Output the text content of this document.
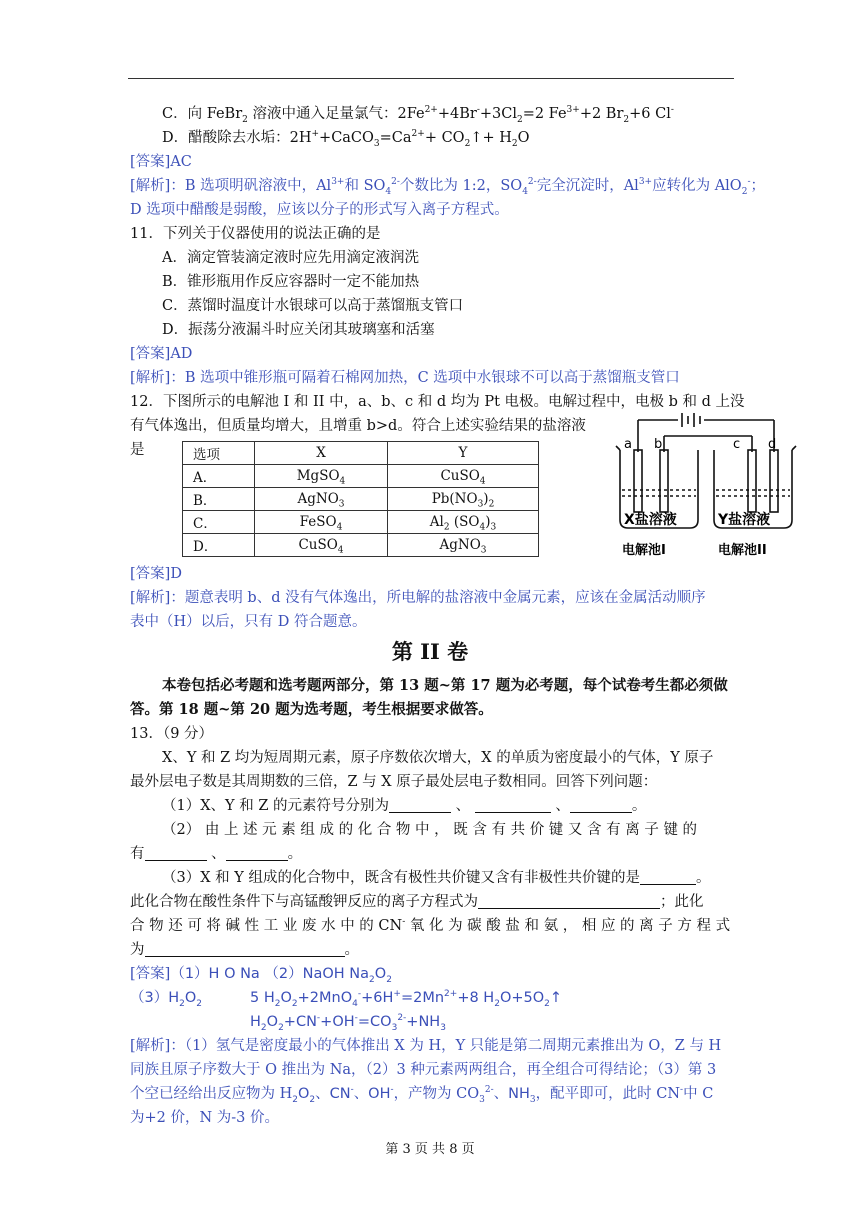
C．向 FeBr$_2$ 溶液中通入足量氯气：$2Fe^{2+}+4Br^-+3Cl_2=2$ $Fe^{3+}+2$ $Br_2+6$ Cl-
D．醋酸除去水垢：$2H^++CaCO_3=Ca^{2+}+$ $CO_2↑+ H_2O$
[答案]AC
[解析]：B 选项明矾溶液中，$Al^{3+}$和 $SO_4^{2-}$个数比为 1:2，$SO_4^{2-}$完全沉淀时，$Al^{3+}$应转化为 AlO$_2$-；
D 选项中醋酸是弱酸，应该以分子的形式写入离子方程式。
11．下列关于仪器使用的说法正确的是
A．滴定管装滴定液时应先用滴定液润洗
B．锥形瓶用作反应容器时一定不能加热
C．蒸馏时温度计水银球可以高于蒸馏瓶支管口
D．振荡分液漏斗时应关闭其玻璃塞和活塞
[答案]AD
[解析]：B 选项中锥形瓶可隔着石棉网加热，C 选项中水银球不可以高于蒸馏瓶支管口
12．下图所示的电解池 I 和 II 中，a、b、c 和 d 均为 Pt 电极。电解过程中，电极 b 和 d 上没
有气体逸出，但质量均增大，且增重 b>d。符合上述实验结果的盐溶液
是	选项	X	Y
A．	MgSO$_4$	CuSO$_4$
B．	AgNO$_3$	$Pb(NO_3)_2$
C．	FeSO$_4$	$Al_2$ $(SO_4)_3$
D．	CuSO$_4$	AgNO$_3$
a b	c d
X盐溶液	Y盐溶液
电解池I	电解池II
[答案]D
[解析]：题意表明 b、d 没有气体逸出，所电解的盐溶液中金属元素，应该在金属活动顺序
表中（H）以后，只有 D 符合题意。
第 II 卷
本卷包括必考题和选考题两部分，第 13 题~第 17 题为必考题，每个试卷考生都必须做
答。第 18 题~第 20 题为选考题，考生根据要求做答。
13．（9 分）
X、Y 和 Z 均为短周期元素，原子序数依次增大，X 的单质为密度最小的气体，Y 原子
最外层电子数是其周期数的三倍，Z 与 X 原子最处层电子数相同。回答下列问题：
（1）X、Y 和 Z 的元素符号分别为	、	、	。
（2） 由 上 述 元 素 组 成 的 化 合 物 中 ， 既 含 有 共 价 键 又 含 有 离 子 键 的
有	、	。
（3）X 和 Y 组成的化合物中，既含有极性共价键又含有非极性共价键的是	。
此化合物在酸性条件下与高锰酸钾反应的离子方程式为	；此化
合 物 还 可 将 碱 性 工 业 废 水 中 的 CN- 氧 化 为 碳 酸 盐 和 氨 ， 相 应 的 离 子 方 程 式
为	。
[答案]（1）H O Na （2）NaOH $Na_2O_2$
$(3)H_2O_2$	5 $H_2O_2+2MnO_4^-+6H^+=2Mn^{2+}+8$ $H_2O+5O_2↑$
$H_2O_2+CN^-+OH^-=CO_3^{2-}+NH_3$
[解析]：（1）氢气是密度最小的气体推出 X 为 H，Y 只能是第二周期元素推出为 O，Z 与 H
同族且原子序数大于 O 推出为 Na，（2）3 种元素两两组合，再全组合可得结论；（3）第 3
个空已经给出反应物为 $H_2O_2$、CN-、OH-，产物为 $CO_3^{2-}$、$NH_3$，配平即可，此时 CN-中 C
为+2 价，N 为-3 价。
第 3 页 共 8 页
